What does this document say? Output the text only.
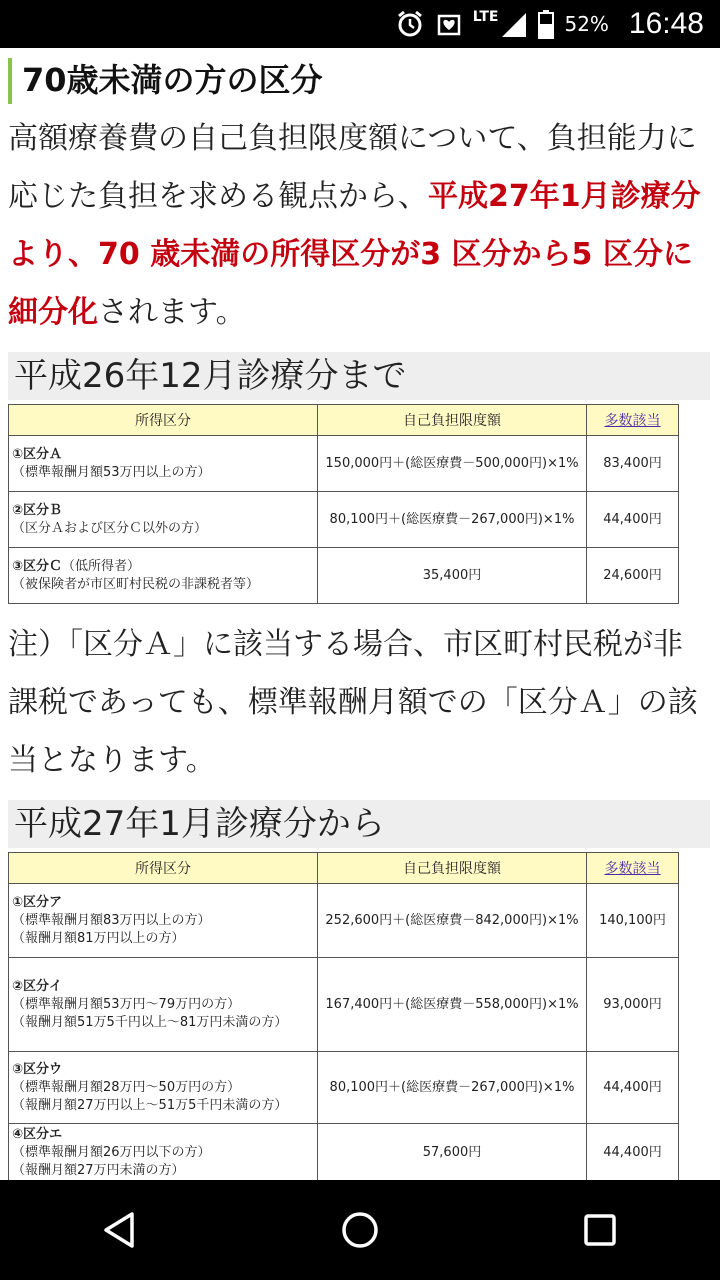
LTE	52% 16:48
70歳未満の方の区分

高額療養費の自己負担限度額について、負担能力に応じた負担を求める観点から、平成27年1月診療分より、70 歳未満の所得区分が3 区分から5 区分に細分化されます。

平成26年12月診療分まで
所得区分	自己負担限度額	多数該当
①区分Ａ
（標準報酬月額53万円以上の方）	150,000円＋(総医療費－500,000円)×1%	83,400円
②区分Ｂ
（区分Ａおよび区分Ｃ以外の方）	80,100円＋(総医療費－267,000円)×1%	44,400円
③区分Ｃ（低所得者）
（被保険者が市区町村民税の非課税者等）	35,400円	24,600円

注）「区分Ａ」に該当する場合、市区町村民税が非課税であっても、標準報酬月額での「区分Ａ」の該当となります。

平成27年1月診療分から
所得区分	自己負担限度額	多数該当
①区分ア
（標準報酬月額83万円以上の方）
（報酬月額81万円以上の方）	252,600円＋(総医療費－842,000円)×1%	140,100円
②区分イ
（標準報酬月額53万円～79万円の方）
（報酬月額51万5千円以上～81万円未満の方）	167,400円＋(総医療費－558,000円)×1%	93,000円
③区分ウ
（標準報酬月額28万円～50万円の方）
（報酬月額27万円以上～51万5千円未満の方）	80,100円＋(総医療費－267,000円)×1%	44,400円
④区分エ
（標準報酬月額26万円以下の方）
（報酬月額27万円未満の方）	57,600円	44,400円
